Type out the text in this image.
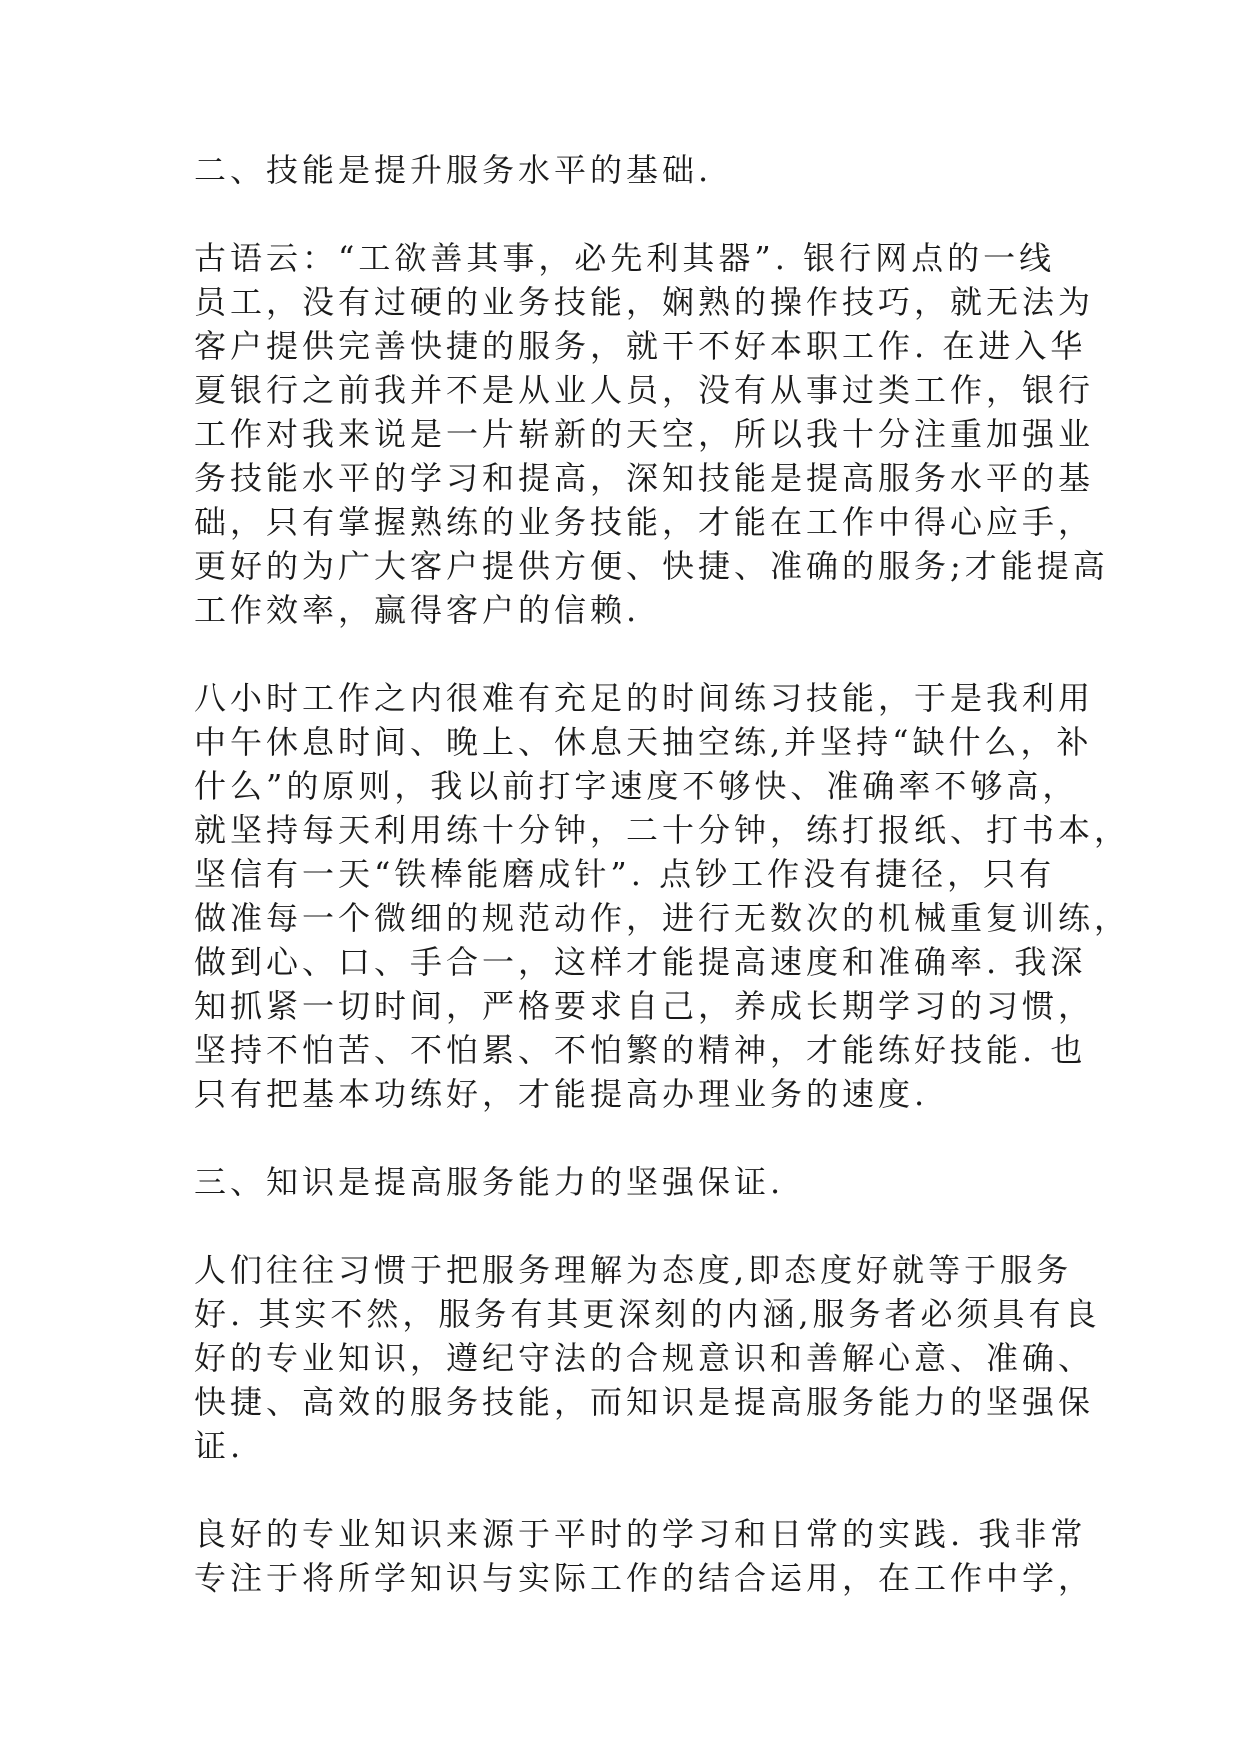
二、技能是提升服务水平的基础.
古语云：“工欲善其事，必先利其器”. 银行网点的一线
员工，没有过硬的业务技能，娴熟的操作技巧，就无法为
客户提供完善快捷的服务，就干不好本职工作. 在进入华
夏银行之前我并不是从业人员，没有从事过类工作，银行
工作对我来说是一片崭新的天空，所以我十分注重加强业
务技能水平的学习和提高，深知技能是提高服务水平的基
础，只有掌握熟练的业务技能，才能在工作中得心应手，
更好的为广大客户提供方便、快捷、准确的服务;才能提高
工作效率，赢得客户的信赖.
八小时工作之内很难有充足的时间练习技能，于是我利用
中午休息时间、晚上、休息天抽空练,并坚持“缺什么，补
什么”的原则，我以前打字速度不够快、准确率不够高，
就坚持每天利用练十分钟，二十分钟，练打报纸、打书本，
坚信有一天“铁棒能磨成针”. 点钞工作没有捷径，只有
做准每一个微细的规范动作，进行无数次的机械重复训练，
做到心、口、手合一，这样才能提高速度和准确率. 我深
知抓紧一切时间，严格要求自己，养成长期学习的习惯，
坚持不怕苦、不怕累、不怕繁的精神，才能练好技能. 也
只有把基本功练好，才能提高办理业务的速度.
三、知识是提高服务能力的坚强保证.
人们往往习惯于把服务理解为态度,即态度好就等于服务
好. 其实不然，服务有其更深刻的内涵,服务者必须具有良
好的专业知识，遵纪守法的合规意识和善解心意、准确、
快捷、高效的服务技能，而知识是提高服务能力的坚强保
证.
良好的专业知识来源于平时的学习和日常的实践. 我非常
专注于将所学知识与实际工作的结合运用，在工作中学，
